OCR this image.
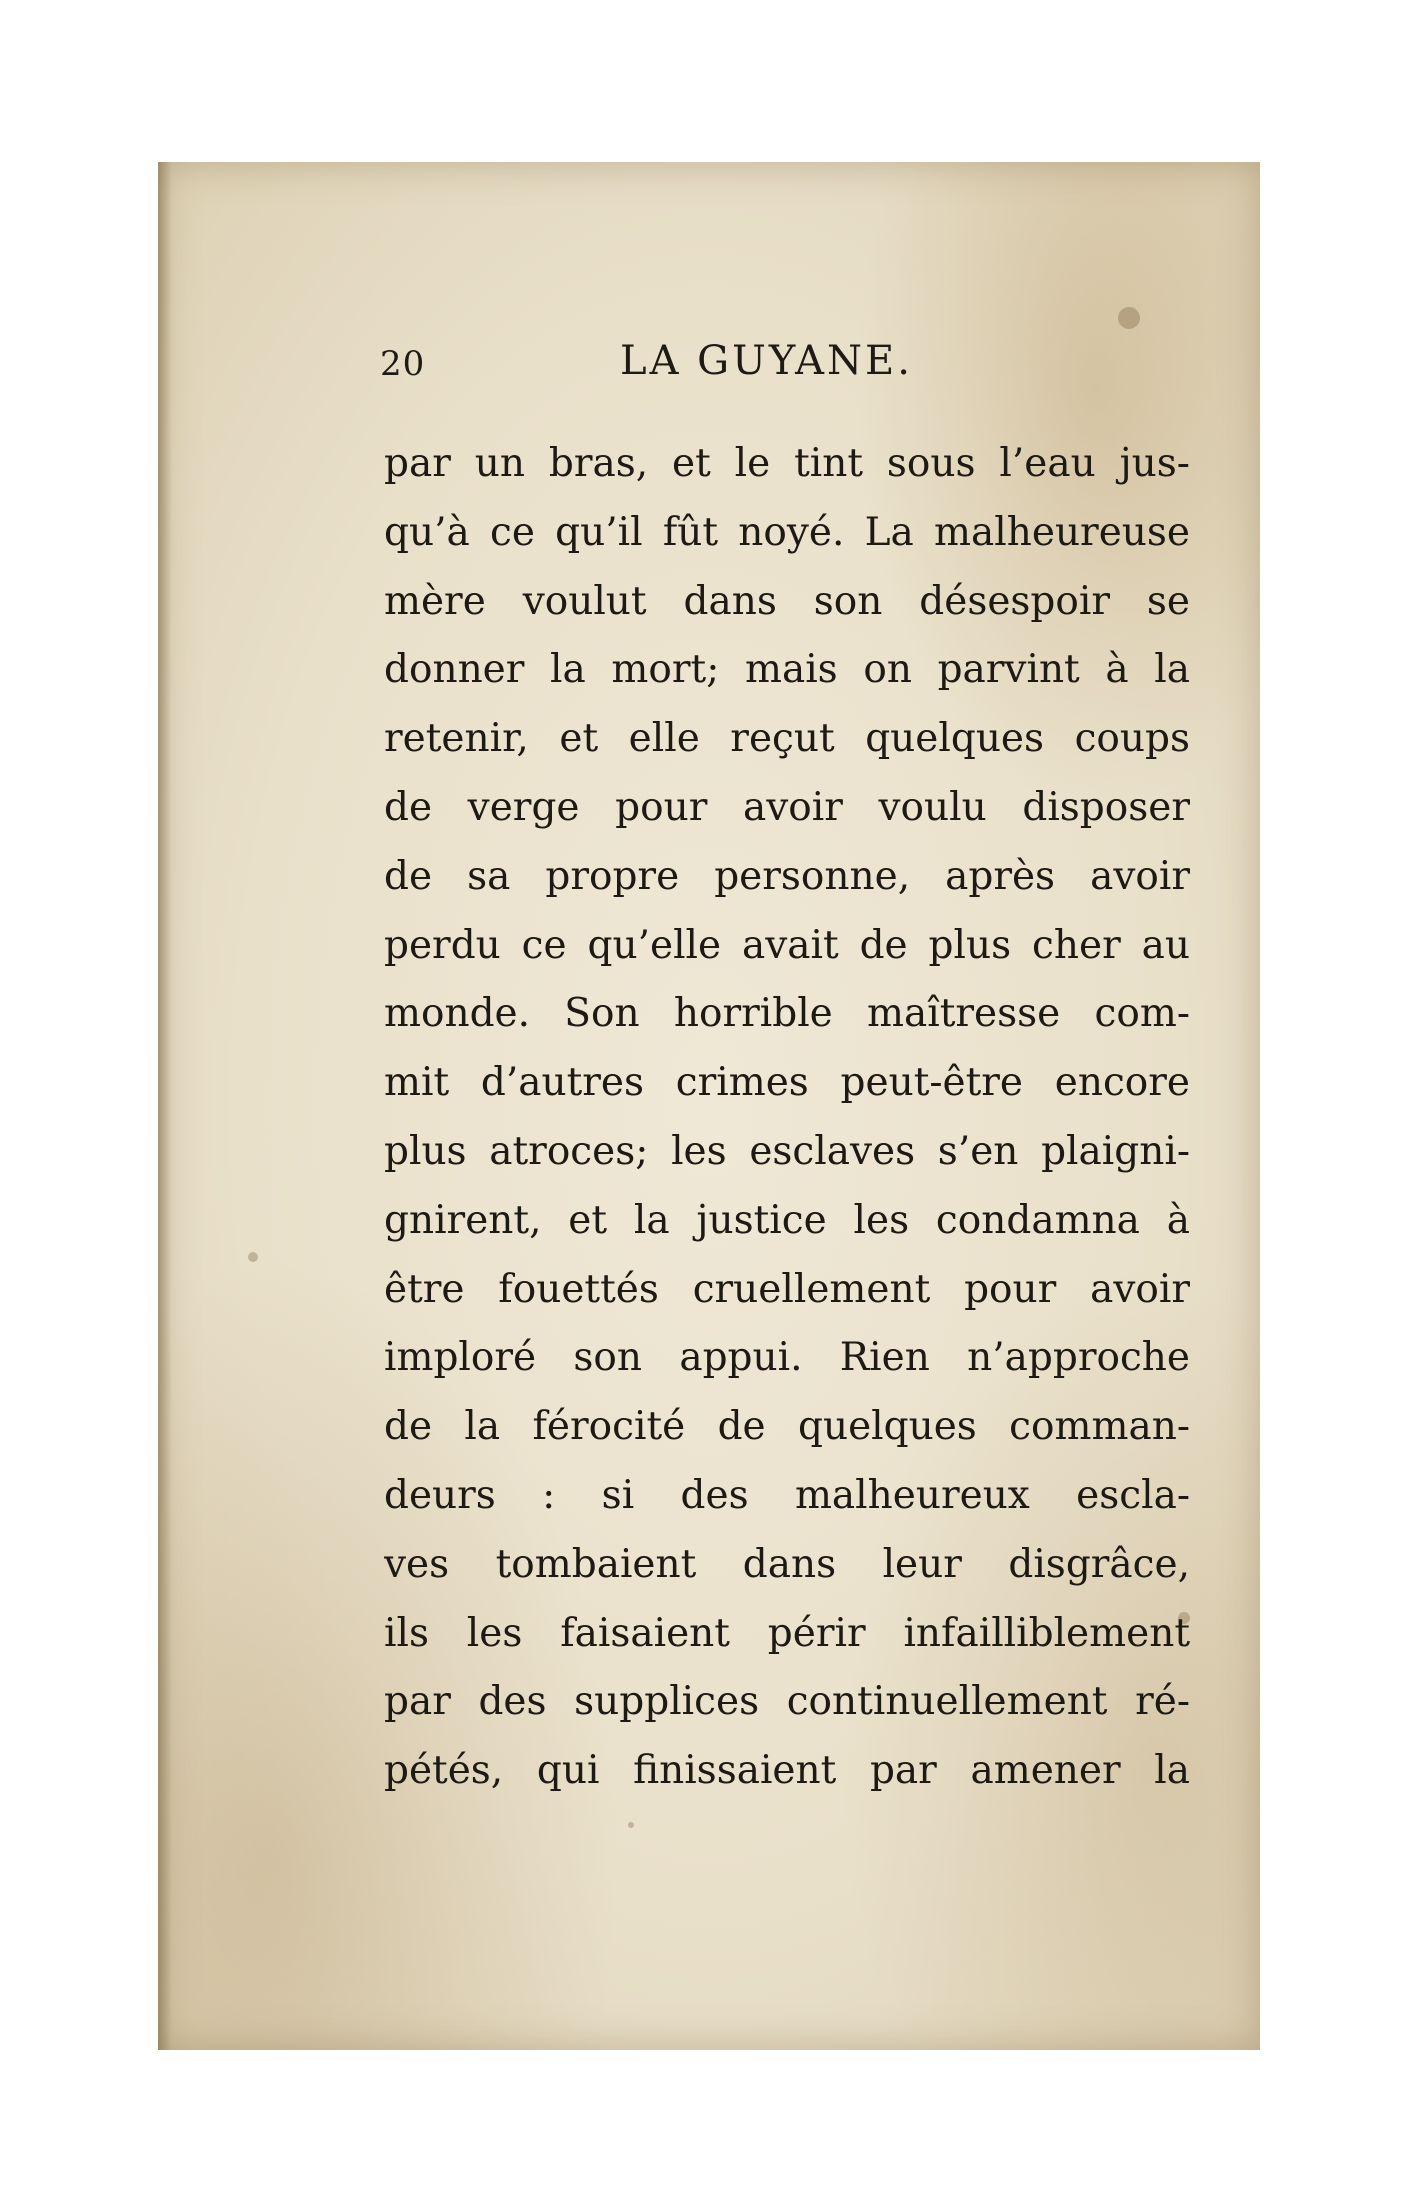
20	LA GUYANE.
par un bras, et le tint sous l’eau jus-
qu’à ce qu’il fût noyé. La malheureuse
mère voulut dans son désespoir se
donner la mort; mais on parvint à la
retenir, et elle reçut quelques coups
de verge pour avoir voulu disposer
de sa propre personne, après avoir
perdu ce qu’elle avait de plus cher au
monde. Son horrible maîtresse com-
mit d’autres crimes peut-être encore
plus atroces; les esclaves s’en plaigni-
gnirent, et la justice les condamna à
être fouettés cruellement pour avoir
imploré son appui. Rien n’approche
de la férocité de quelques comman-
deurs : si des malheureux escla-
ves tombaient dans leur disgrâce,
ils les faisaient périr infailliblement
par des supplices continuellement ré-
pétés, qui finissaient par amener la
